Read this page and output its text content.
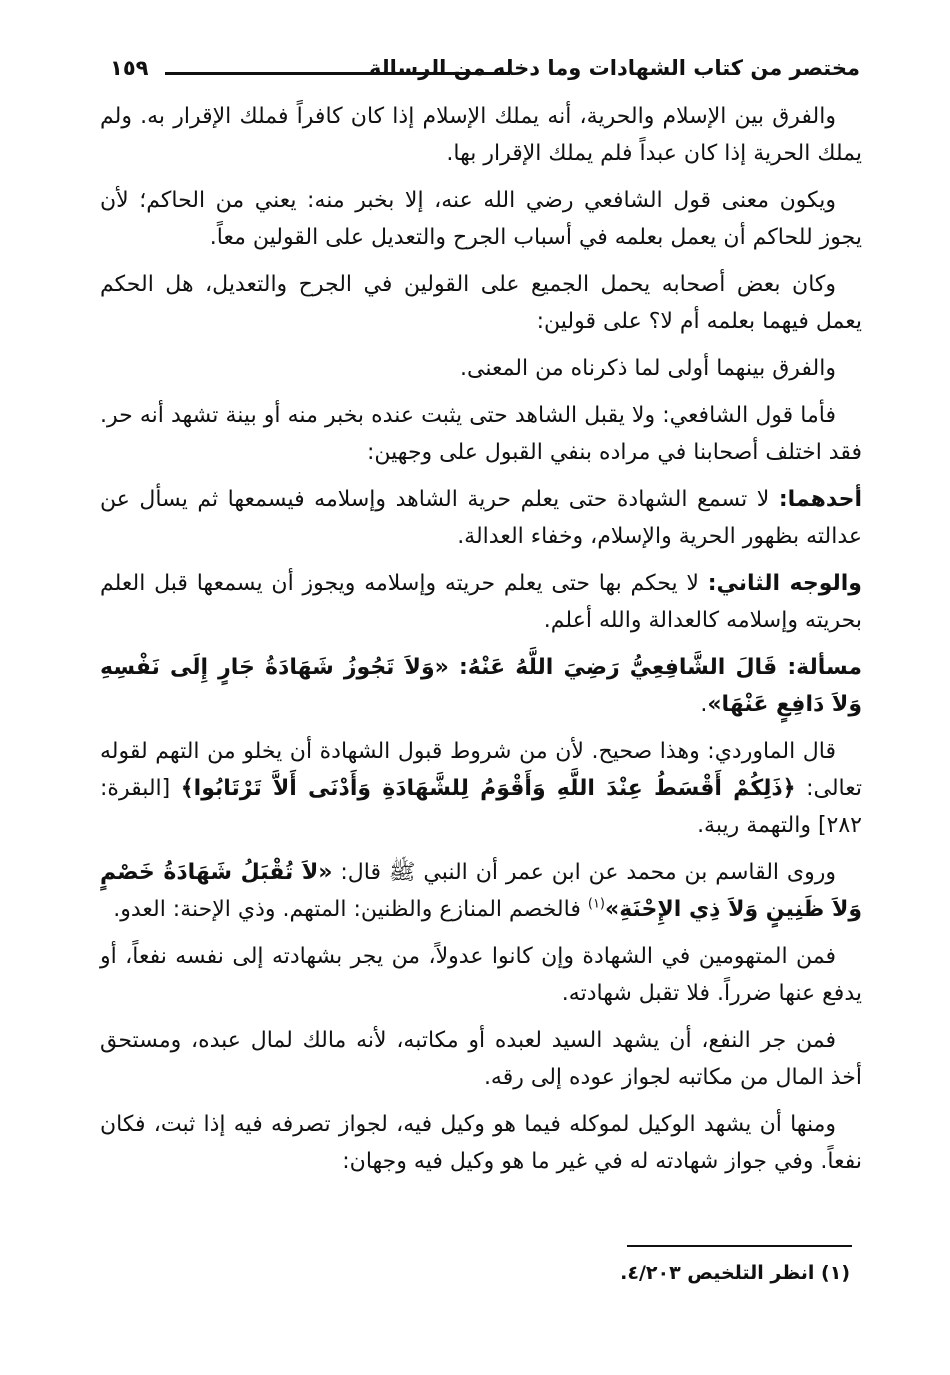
مختصر من كتاب الشهادات وما دخله من الرسالة
١٥٩

والفرق بين الإسلام والحرية، أنه يملك الإسلام إذا كان كافراً فملك الإقرار به. ولم يملك الحرية إذا كان عبداً فلم يملك الإقرار بها.

ويكون معنى قول الشافعي رضي الله عنه، إلا بخبر منه: يعني من الحاكم؛ لأن يجوز للحاكم أن يعمل بعلمه في أسباب الجرح والتعديل على القولين معاً.

وكان بعض أصحابه يحمل الجميع على القولين في الجرح والتعديل، هل الحكم يعمل فيهما بعلمه أم لا؟ على قولين:

والفرق بينهما أولى لما ذكرناه من المعنى.

فأما قول الشافعي: ولا يقبل الشاهد حتى يثبت عنده بخبر منه أو بينة تشهد أنه حر. فقد اختلف أصحابنا في مراده بنفي القبول على وجهين:

أحدهما: لا تسمع الشهادة حتى يعلم حرية الشاهد وإسلامه فيسمعها ثم يسأل عن عدالته بظهور الحرية والإسلام، وخفاء العدالة.

والوجه الثاني: لا يحكم بها حتى يعلم حريته وإسلامه ويجوز أن يسمعها قبل العلم بحريته وإسلامه كالعدالة والله أعلم.

مسألة: قَالَ الشَّافِعِيُّ رَضِيَ اللَّهُ عَنْهُ: «وَلاَ تَجُوزُ شَهَادَةُ جَارٍ إِلَى نَفْسِهِ وَلاَ دَافِعٍ عَنْهَا».

قال الماوردي: وهذا صحيح. لأن من شروط قبول الشهادة أن يخلو من التهم لقوله تعالى: ﴿ذَلِكُمْ أَقْسَطُ عِنْدَ اللَّهِ وَأَقْوَمُ لِلشَّهَادَةِ وَأَدْنَى أَلاَّ تَرْتَابُوا﴾ [البقرة: ٢٨٢] والتهمة ريبة.

وروى القاسم بن محمد عن ابن عمر أن النبي ﷺ قال: «لاَ تُقْبَلُ شَهَادَةُ خَصْمٍ وَلاَ ظَنِينٍ وَلاَ ذِي الإِحْنَةِ»$^{(١)}$ فالخصم المنازع والظنين: المتهم. وذي الإحنة: العدو.

فمن المتهومين في الشهادة وإن كانوا عدولاً، من يجر بشهادته إلى نفسه نفعاً، أو يدفع عنها ضرراً. فلا تقبل شهادته.

فمن جر النفع، أن يشهد السيد لعبده أو مكاتبه، لأنه مالك لمال عبده، ومستحق أخذ المال من مكاتبه لجواز عوده إلى رقه.

ومنها أن يشهد الوكيل لموكله فيما هو وكيل فيه، لجواز تصرفه فيه إذا ثبت، فكان نفعاً. وفي جواز شهادته له في غير ما هو وكيل فيه وجهان:

(١) انظر التلخيص ٤/٢٠٣.
